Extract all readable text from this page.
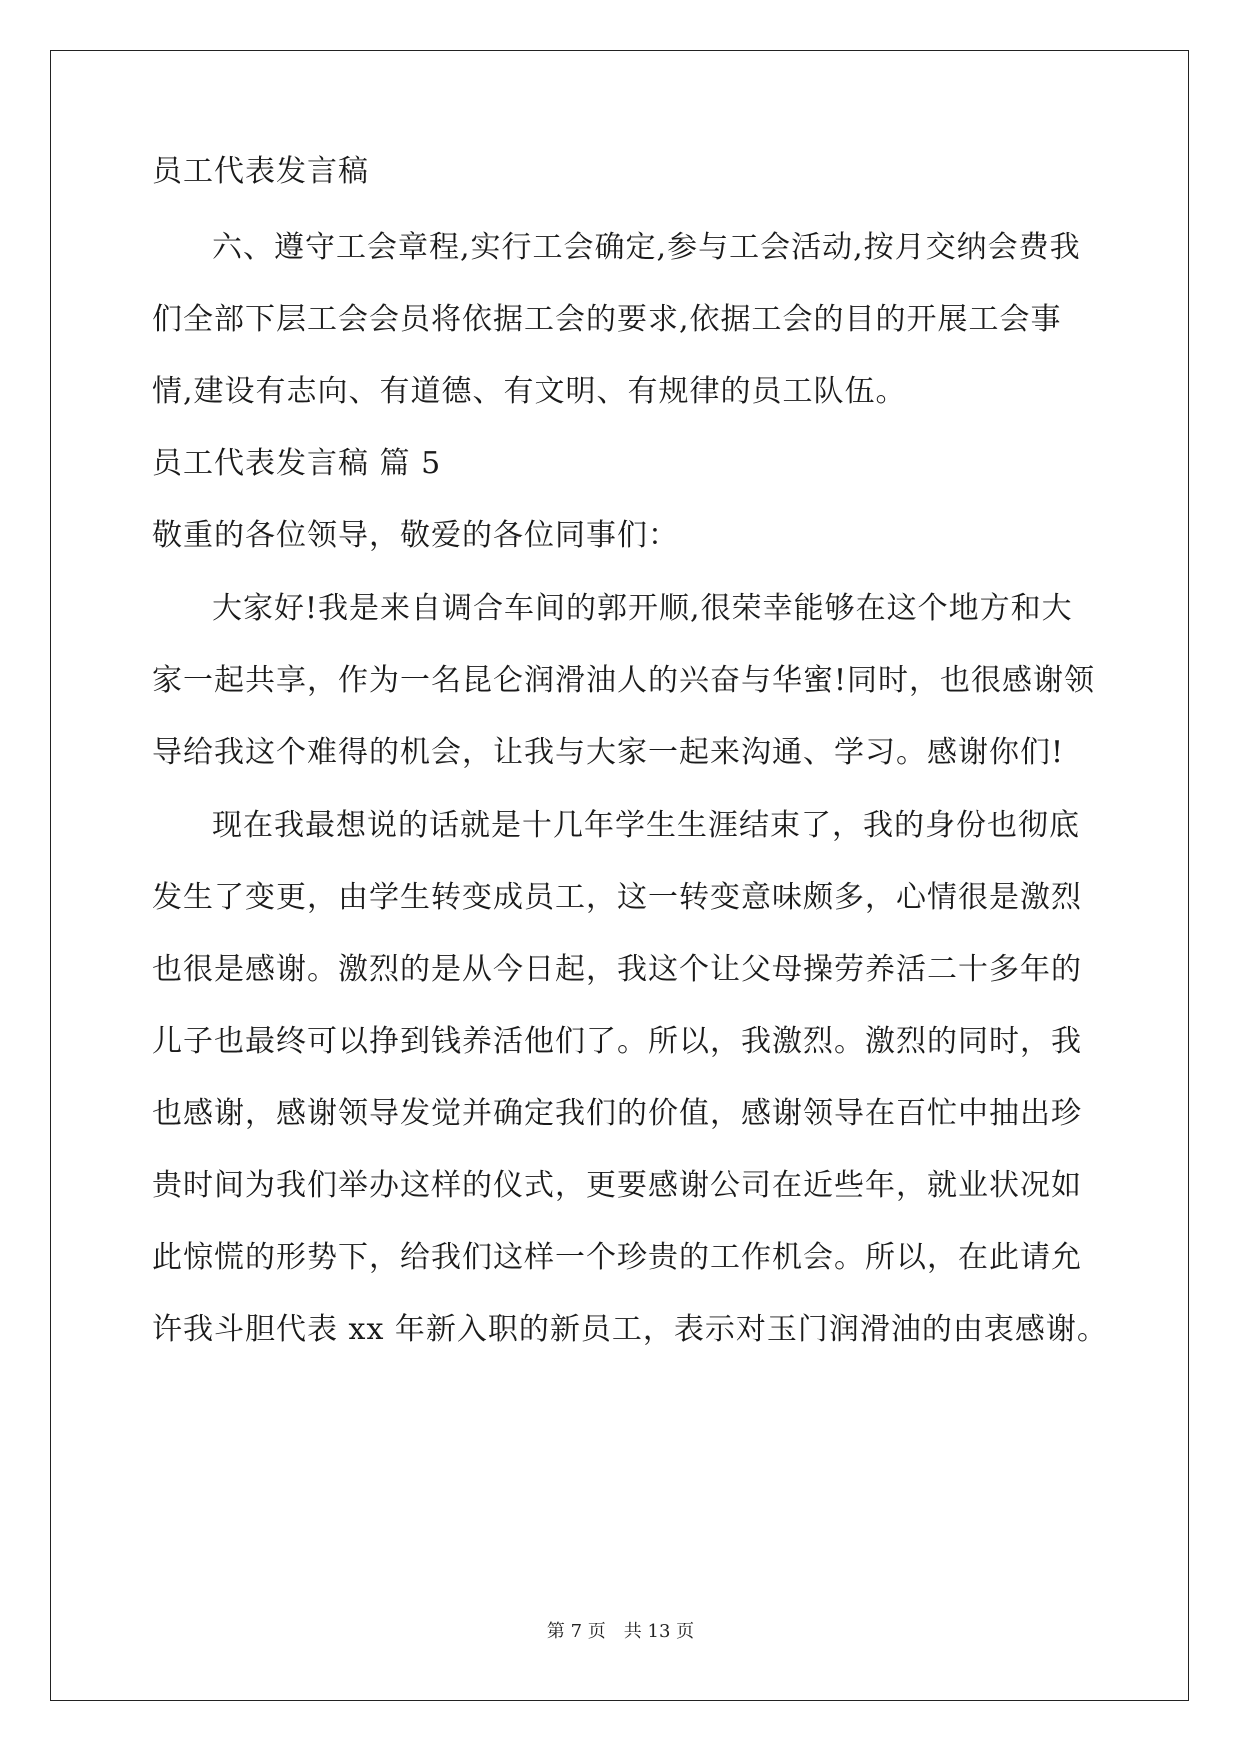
员工代表发言稿
六、遵守工会章程,实行工会确定,参与工会活动,按月交纳会费我
们全部下层工会会员将依据工会的要求,依据工会的目的开展工会事
情,建设有志向、有道德、有文明、有规律的员工队伍。
员工代表发言稿 篇 5
敬重的各位领导，敬爱的各位同事们：
大家好!我是来自调合车间的郭开顺,很荣幸能够在这个地方和大
家一起共享，作为一名昆仑润滑油人的兴奋与华蜜!同时，也很感谢领
导给我这个难得的机会，让我与大家一起来沟通、学习。感谢你们!
现在我最想说的话就是十几年学生生涯结束了，我的身份也彻底
发生了变更，由学生转变成员工，这一转变意味颇多，心情很是激烈
也很是感谢。激烈的是从今日起，我这个让父母操劳养活二十多年的
儿子也最终可以挣到钱养活他们了。所以，我激烈。激烈的同时，我
也感谢，感谢领导发觉并确定我们的价值，感谢领导在百忙中抽出珍
贵时间为我们举办这样的仪式，更要感谢公司在近些年，就业状况如
此惊慌的形势下，给我们这样一个珍贵的工作机会。所以，在此请允
许我斗胆代表 xx 年新入职的新员工，表示对玉门润滑油的由衷感谢。
第 7 页　共 13 页
